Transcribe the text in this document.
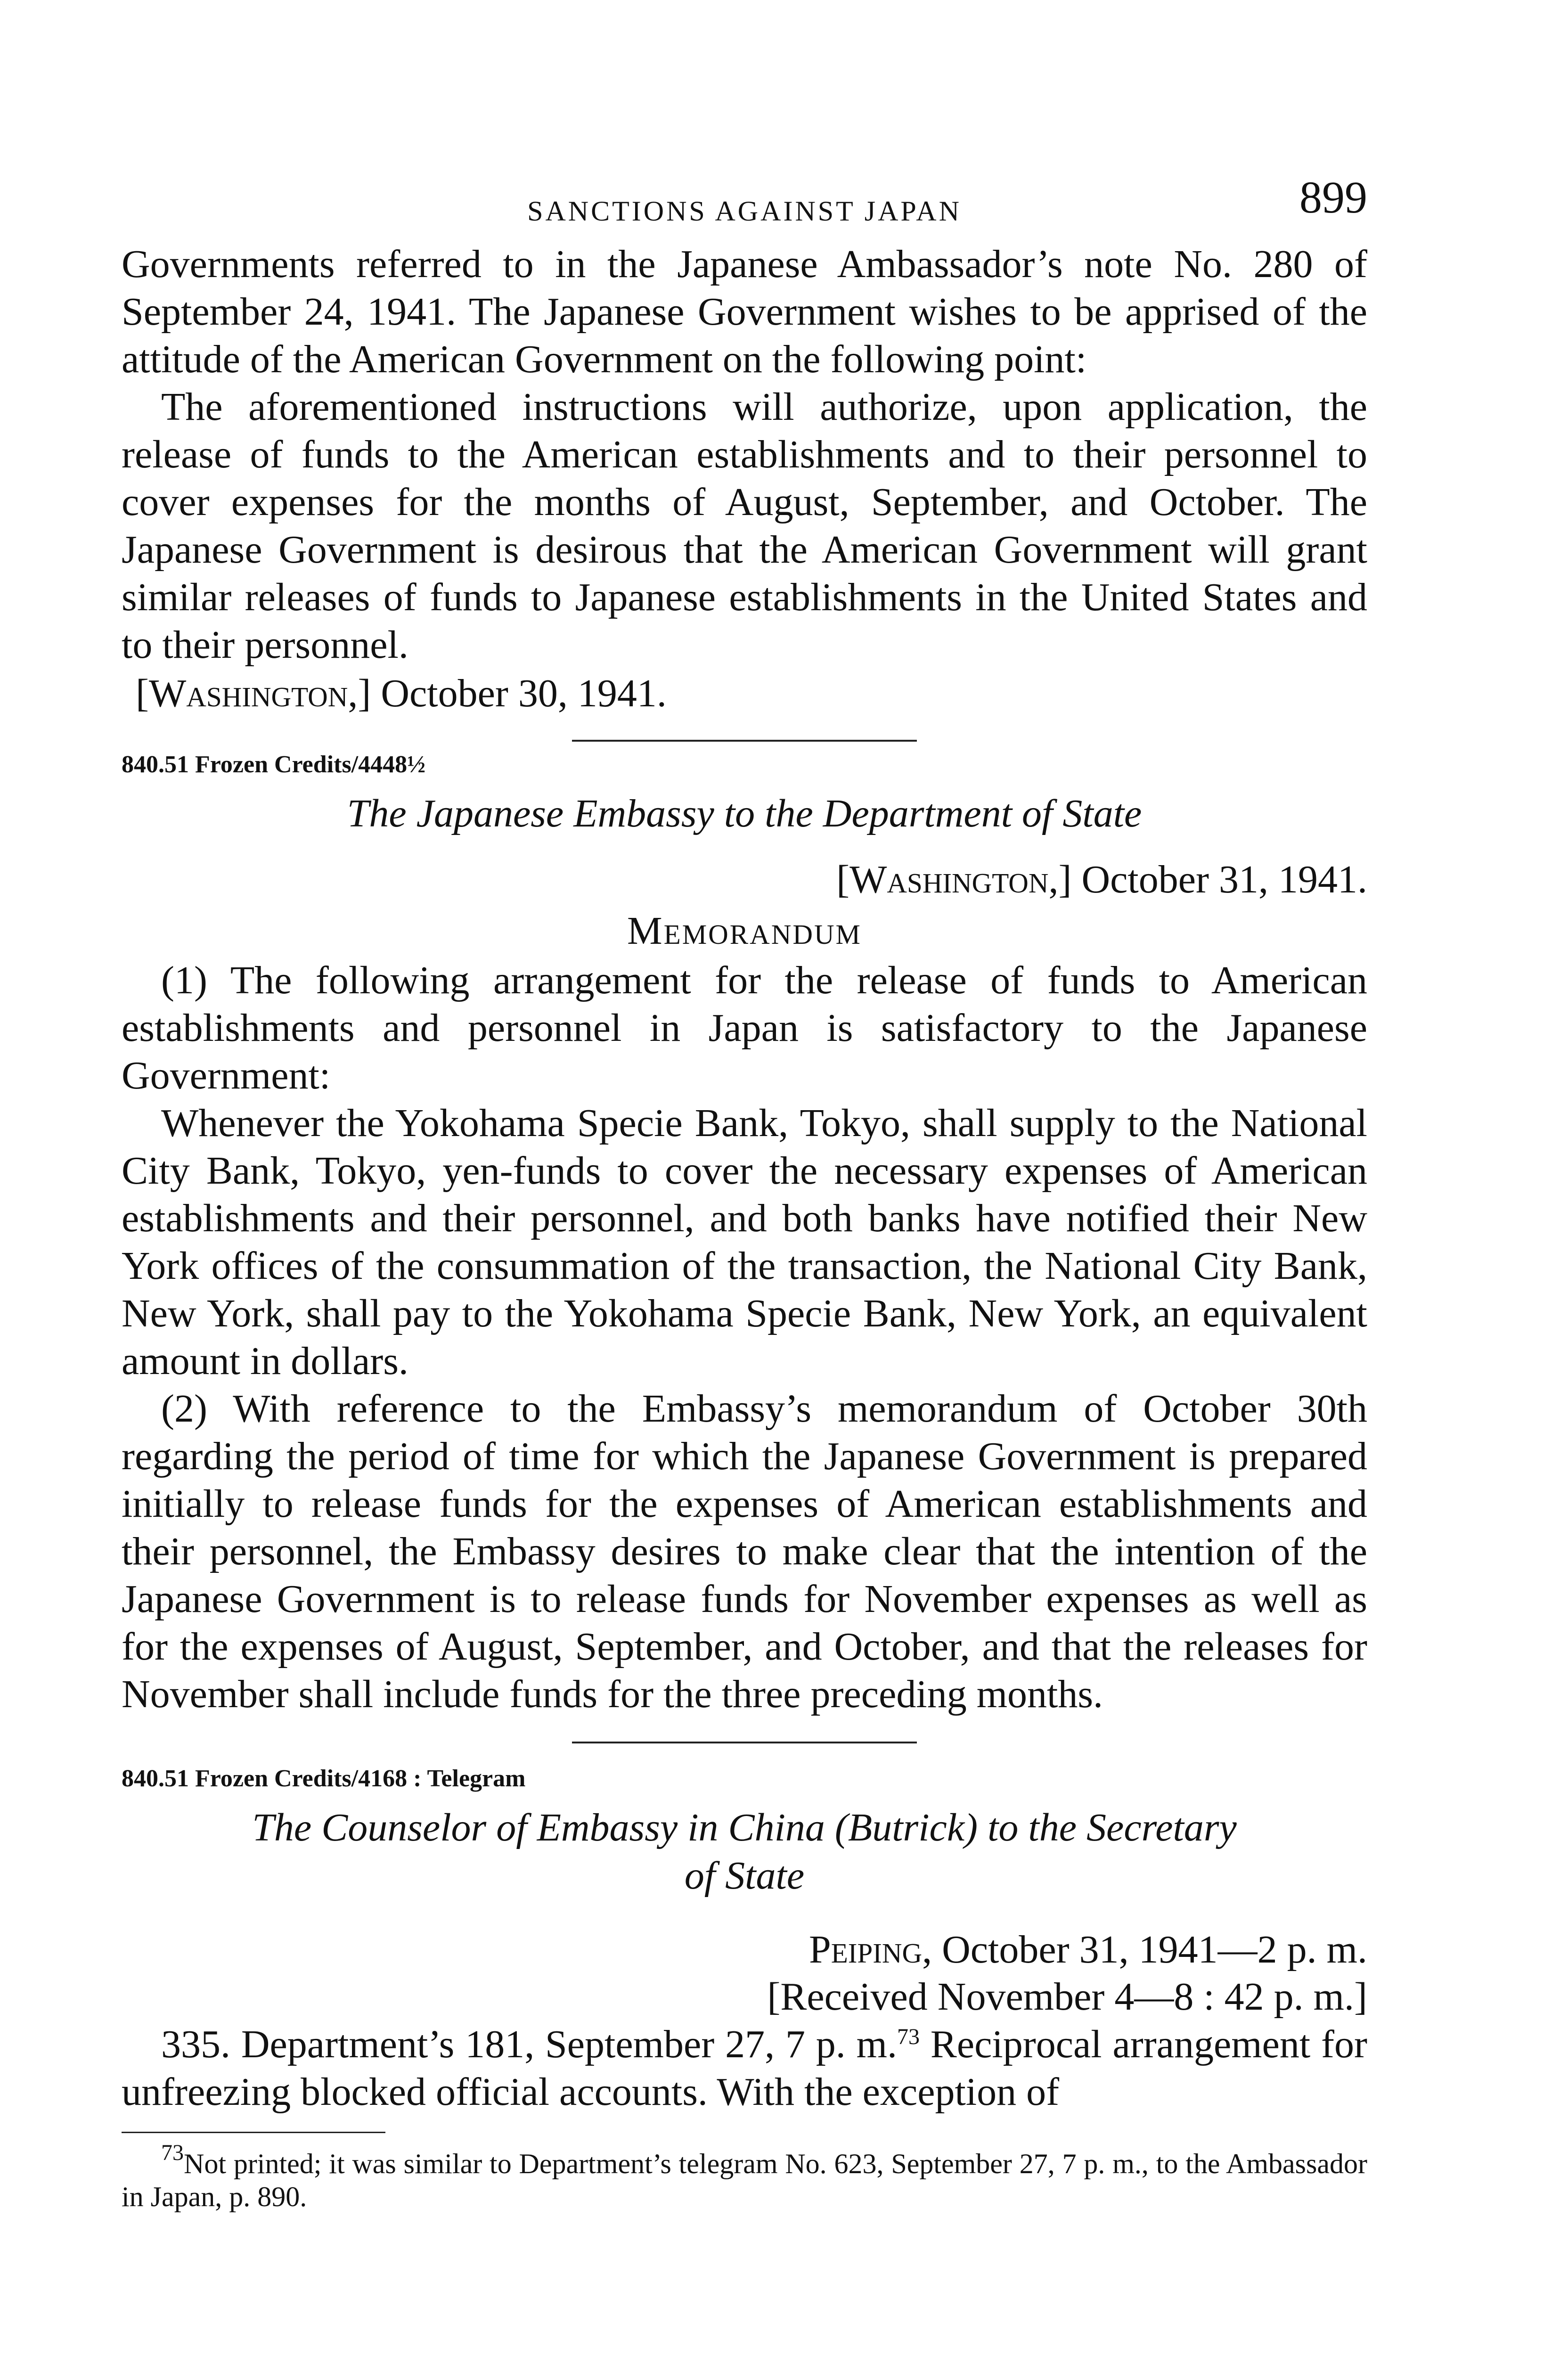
SANCTIONS AGAINST JAPAN	899

Governments referred to in the Japanese Ambassador’s note No. 280 of September 24, 1941. The Japanese Government wishes to be apprised of the attitude of the American Government on the following point:

The aforementioned instructions will authorize, upon application, the release of funds to the American establishments and to their personnel to cover expenses for the months of August, September, and October. The Japanese Government is desirous that the American Government will grant similar releases of funds to Japanese establishments in the United States and to their personnel.

[Washington,] October 30, 1941.

840.51 Frozen Credits/4448½
The Japanese Embassy to the Department of State
[Washington,] October 31, 1941.
Memorandum

(1) The following arrangement for the release of funds to American establishments and personnel in Japan is satisfactory to the Japanese Government:

Whenever the Yokohama Specie Bank, Tokyo, shall supply to the National City Bank, Tokyo, yen-funds to cover the necessary expenses of American establishments and their personnel, and both banks have notified their New York offices of the consummation of the transaction, the National City Bank, New York, shall pay to the Yokohama Specie Bank, New York, an equivalent amount in dollars.

(2) With reference to the Embassy’s memorandum of October 30th regarding the period of time for which the Japanese Government is prepared initially to release funds for the expenses of American establishments and their personnel, the Embassy desires to make clear that the intention of the Japanese Government is to release funds for November expenses as well as for the expenses of August, September, and October, and that the releases for November shall include funds for the three preceding months.

840.51 Frozen Credits/4168 : Telegram
The Counselor of Embassy in China (Butrick) to the Secretary
of State
Peiping, October 31, 1941—2 p. m.
[Received November 4—8 : 42 p. m.]

335. Department’s 181, September 27, 7 p. m.$^{73}$ Reciprocal arrangement for unfreezing blocked official accounts. With the exception of

$^{73}$Not printed; it was similar to Department’s telegram No. 623, September 27, 7 p. m., to the Ambassador in Japan, p. 890.
